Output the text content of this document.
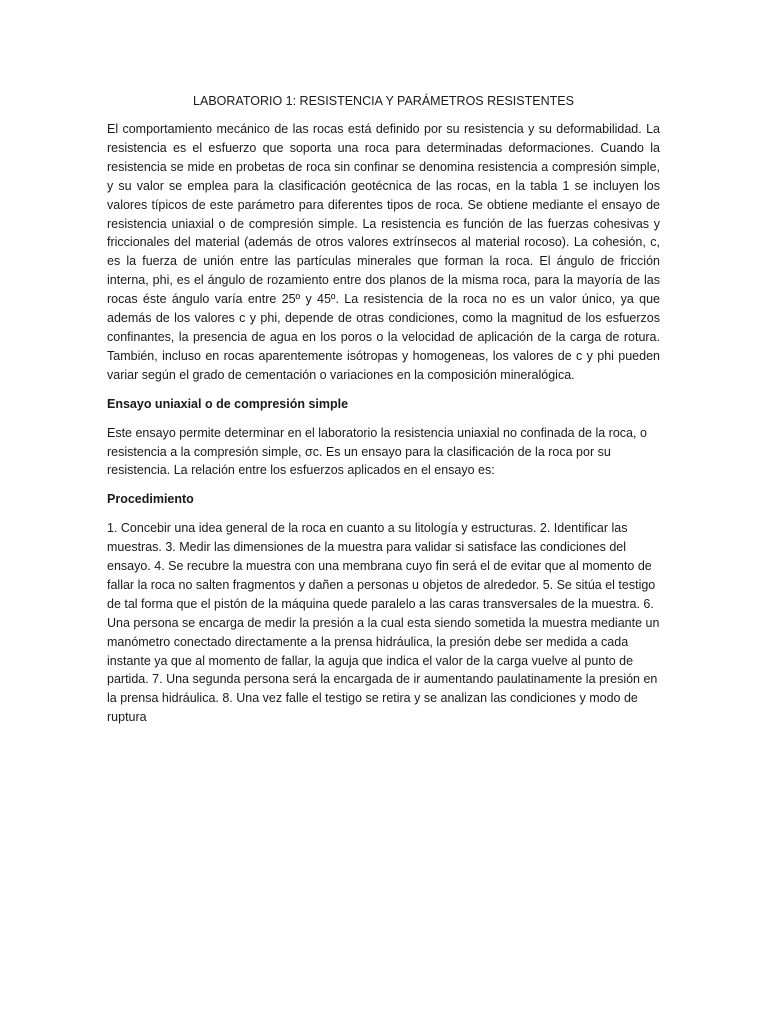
LABORATORIO 1: RESISTENCIA Y PARÁMETROS RESISTENTES

El comportamiento mecánico de las rocas está definido por su resistencia y su deformabilidad. La resistencia es el esfuerzo que soporta una roca para determinadas deformaciones. Cuando la resistencia se mide en probetas de roca sin confinar se denomina resistencia a compresión simple, y su valor se emplea para la clasificación geotécnica de las rocas, en la tabla 1 se incluyen los valores típicos de este parámetro para diferentes tipos de roca. Se obtiene mediante el ensayo de resistencia uniaxial o de compresión simple. La resistencia es función de las fuerzas cohesivas y friccionales del material (además de otros valores extrínsecos al material rocoso). La cohesión, c, es la fuerza de unión entre las partículas minerales que forman la roca. El ángulo de fricción interna, phi, es el ángulo de rozamiento entre dos planos de la misma roca, para la mayoría de las rocas éste ángulo varía entre 25º y 45º. La resistencia de la roca no es un valor único, ya que además de los valores c y phi, depende de otras condiciones, como la magnitud de los esfuerzos confinantes, la presencia de agua en los poros o la velocidad de aplicación de la carga de rotura. También, incluso en rocas aparentemente isótropas y homogeneas, los valores de c y phi pueden variar según el grado de cementación o variaciones en la composición mineralógica.

Ensayo uniaxial o de compresión simple

Este ensayo permite determinar en el laboratorio la resistencia uniaxial no confinada de la roca, o resistencia a la compresión simple, σc. Es un ensayo para la clasificación de la roca por su resistencia. La relación entre los esfuerzos aplicados en el ensayo es:

Procedimiento

1. Concebir una idea general de la roca en cuanto a su litología y estructuras. 2. Identificar las muestras. 3. Medir las dimensiones de la muestra para validar si satisface las condiciones del ensayo. 4. Se recubre la muestra con una membrana cuyo fin será el de evitar que al momento de fallar la roca no salten fragmentos y dañen a personas u objetos de alrededor. 5. Se sitúa el testigo de tal forma que el pistón de la máquina quede paralelo a las caras transversales de la muestra. 6. Una persona se encarga de medir la presión a la cual esta siendo sometida la muestra mediante un manómetro conectado directamente a la prensa hidráulica, la presión debe ser medida a cada instante ya que al momento de fallar, la aguja que indica el valor de la carga vuelve al punto de partida. 7. Una segunda persona será la encargada de ir aumentando paulatinamente la presión en la prensa hidráulica. 8. Una vez falle el testigo se retira y se analizan las condiciones y modo de ruptura
